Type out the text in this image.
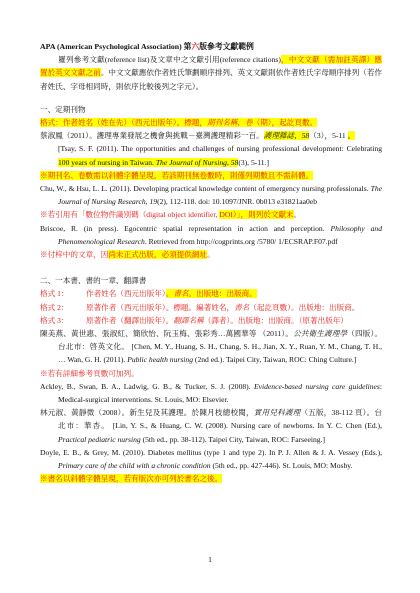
APA (American Psychological Association) 第六版參考文獻範例

羅列參考文獻(reference list)及文章中之文獻引用(reference citations)，中文文獻（需加註英譯）應置於英文文獻之前。中文文獻應依作者姓氏筆劃順序排列、英文文獻則依作者姓氏字母順序排列（若作者姓氏、字母相同時，則依序比較後列之字元）。

一、定期刊物

格式：作者姓名（姓在先）（西元出版年）。標題，期刊名稱，卷（期），起訖頁數。

蔡淑鳳（2011）。護理專業發展之機會與挑戰－臺灣護理精彩一百。護理雜誌，58（3），5-11 。

[Tsay, S. F. (2011). The opportunities and challenges of nursing professional development: Celebrating 100 years of nursing in Taiwan. The Journal of Nursing, 58(3), 5-11.]

※期刊名、卷數需以斜體字體呈現，若該期刊無卷數時，則僅列期數且不需斜體。

Chu, W., & Hsu, L. L. (2011). Developing practical knowledge content of emergency nursing professionals. The Journal of Nursing Research, 19(2), 112-118. doi: 10.1097/JNR. 0b013 e31821aa0eb

※若引用有「數位物件識別碼（digital object identifier, DOI）」，則列於文獻末。

Briscoe, R. (in press). Egocentric spatial representation in action and perception. Philosophy and Phenomenological Research. Retrieved from http://cogprints.org /5780/ 1/ECSRAP.F07.pdf

※付梓中的文章，因尚未正式出版，必須提供網址。

二、一本書、書的一章、翻譯書

格式 1： 作者姓名（西元出版年）。書名。出版地：出版商。

格式 2： 原著作者（西元出版年）。標題。編著姓名，書名（起訖頁數）。出版地：出版商。

格式 3： 原著作者（翻譯出版年）。翻譯名稱（譯者）。出版地：出版商。（原著出版年）

陳美燕、黃世惠、張淑紅、簡欣怡、阮玉梅、張彩秀…萬國華等 （2011）。公共衛生護理學（四版）。台北市：啓英文化。 [Chen, M. Y., Huang, S. H., Chang, S. H., Jian, X. Y., Ruan, Y. M., Chang, T. H., … Wan, G. H. (2011). Public health nursing (2nd ed.). Taipei City, Taiwan, ROC: Ching Culture.]

※若有詳細參考頁數可加列。

Ackley, B., Swan, B. A., Ladwig, G. B., & Tucker, S. J. (2008). Evidence-based nursing care guidelines: Medical-surgical interventions. St. Louis, MO: Elsevier.

林元淑、黃靜微（2008）。新生兒及其護理。於陳月枝總校閱，實用兒科護理（五版，38-112 頁）。台北市：華杏。 [Lin, Y. S., & Huang, C. W. (2008). Nursing care of newborns. In Y. C. Chen (Ed.), Practical pediatric nursing (5th ed., pp. 38-112). Taipei City, Taiwan, ROC: Farseeing.]

Doyle, E. B., & Grey, M. (2010). Diabetes mellitus (type 1 and type 2). In P. J. Allen & J. A. Vessey (Eds.), Primary care of the child with a chronic condition (5th ed., pp. 427-446). St. Louis, MO: Mosby.

※書名以斜體字體呈現，若有版次亦可列於書名之後。

1
